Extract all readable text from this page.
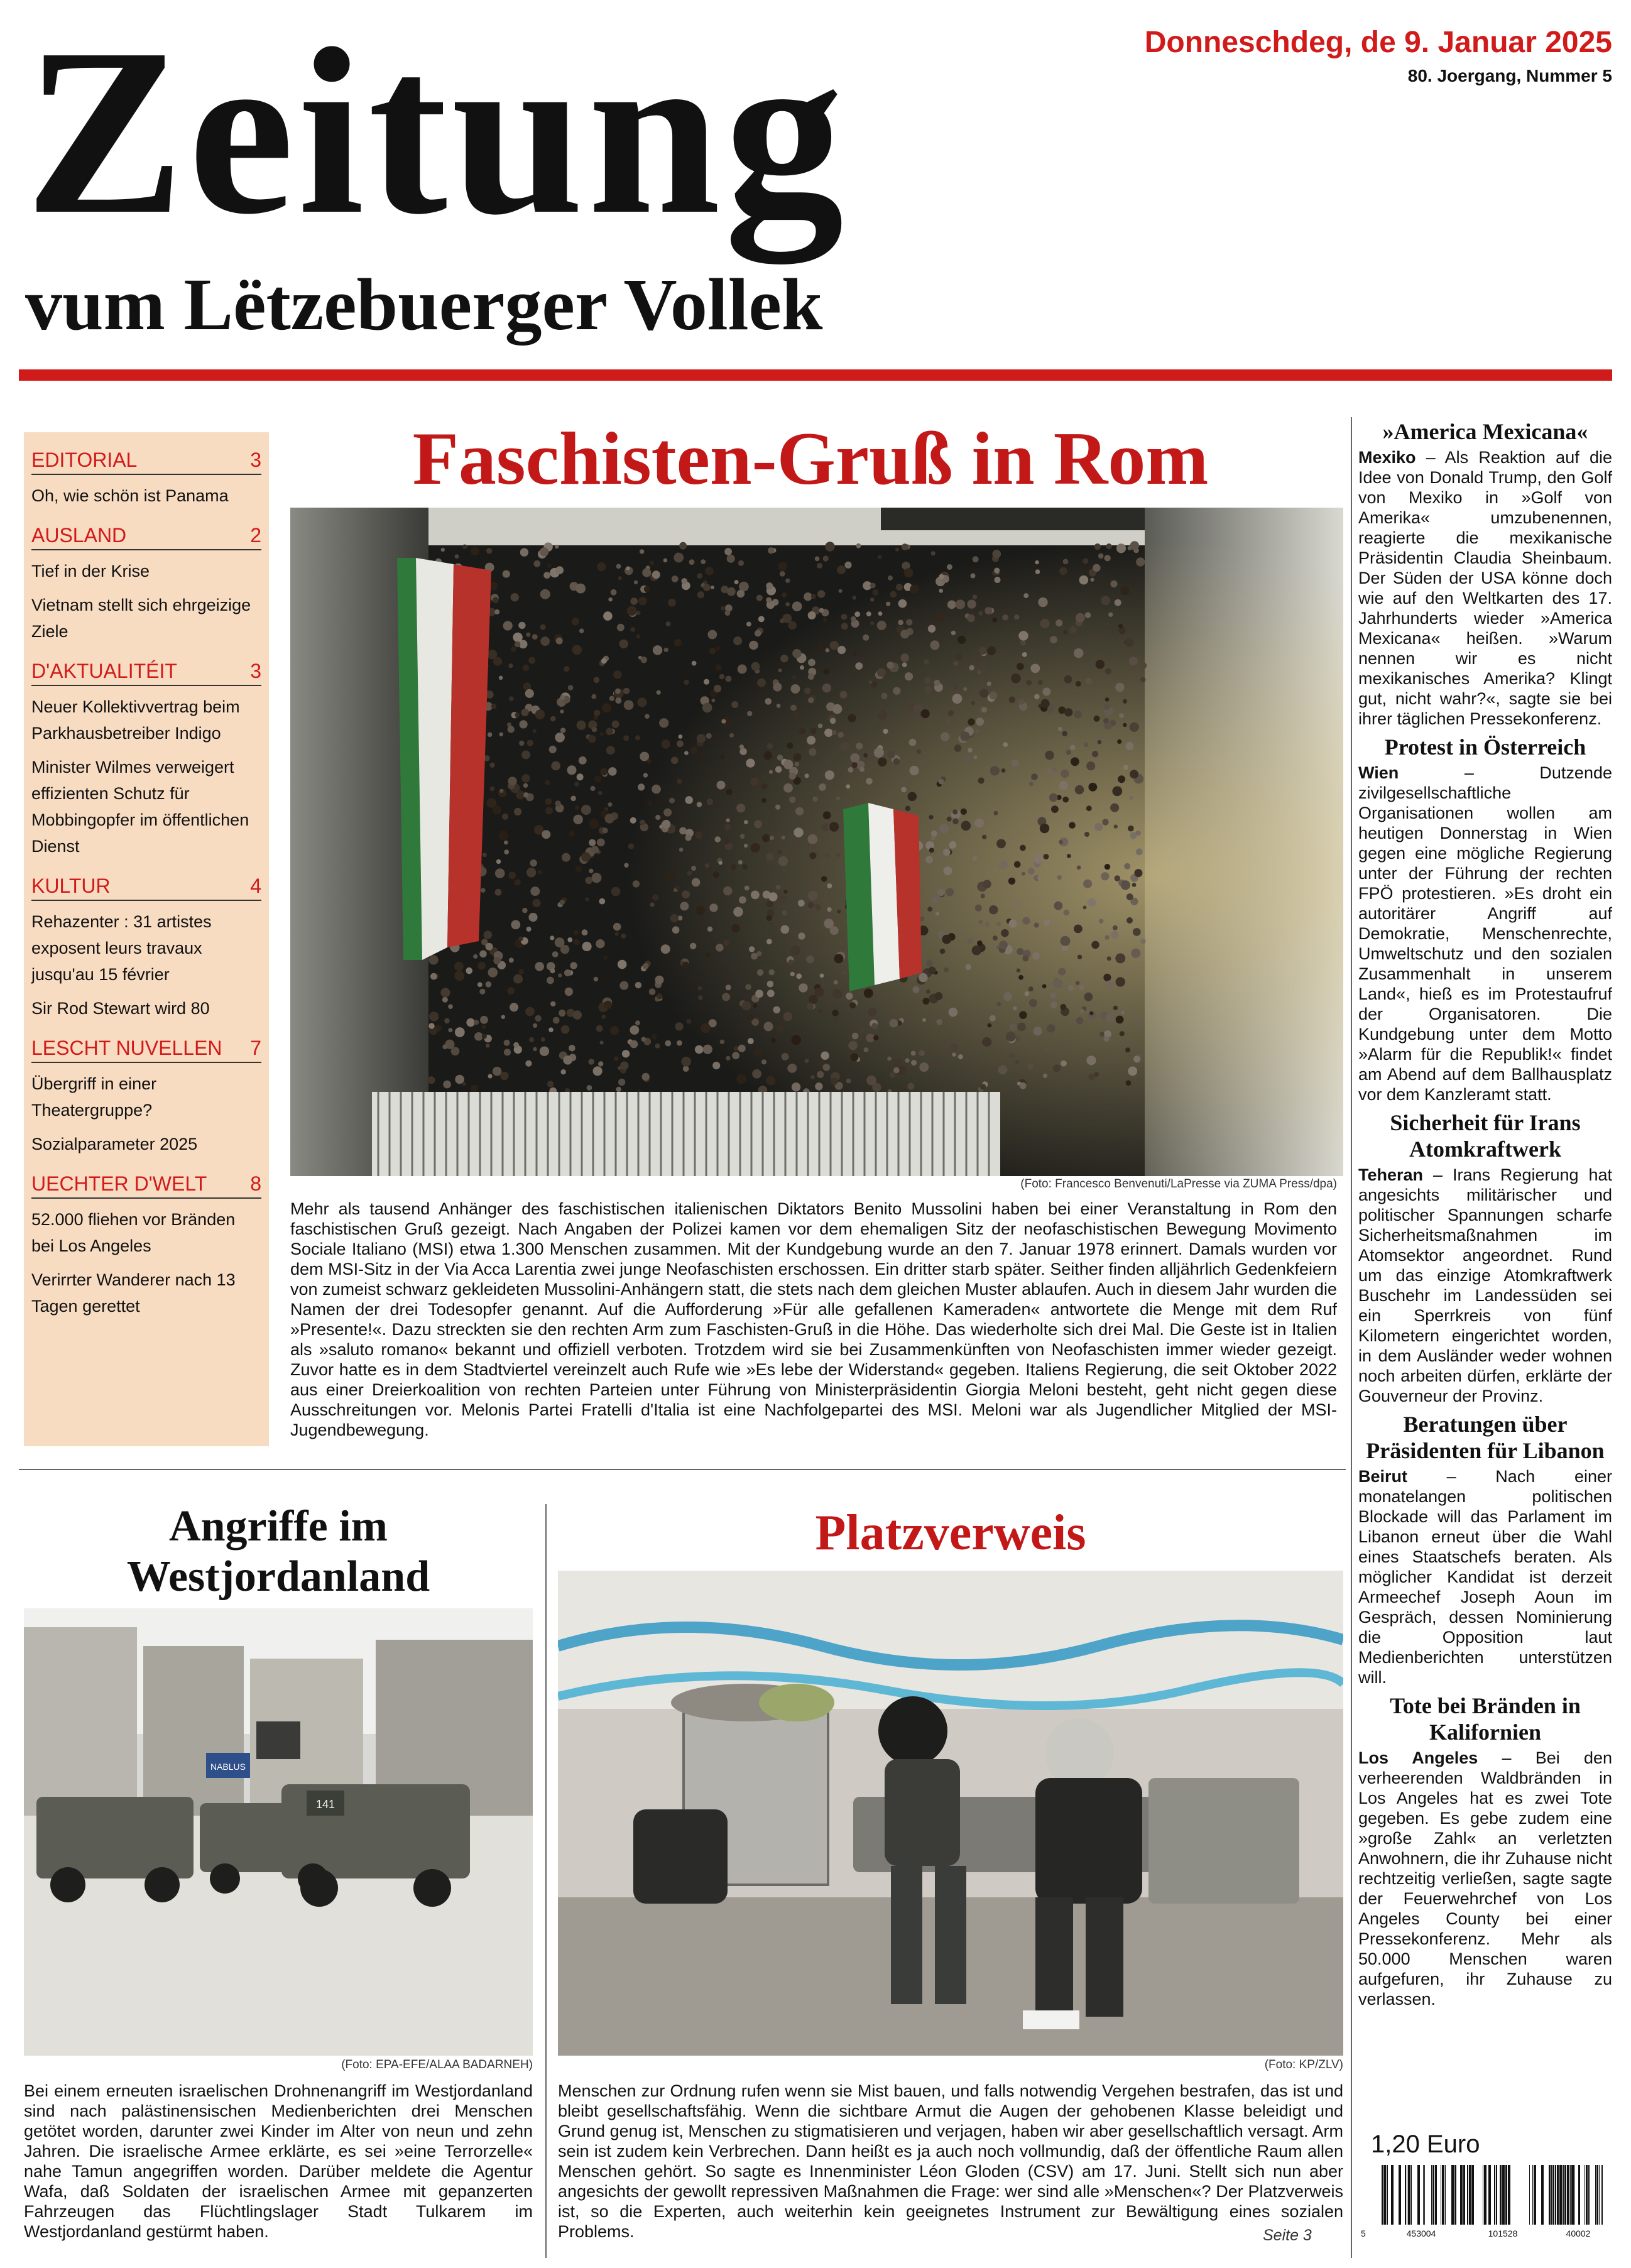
Zeitung
vum Lëtzebuerger Vollek
Donneschdeg, de 9. Januar 2025
80. Joergang, Nummer 5
EDITORIAL	3
Oh, wie schön ist Panama
AUSLAND	2
Tief in der Krise
Vietnam stellt sich ehrgeizige Ziele
D'AKTUALITÉIT	3
Neuer Kollektivvertrag beim Parkhausbetreiber Indigo
Minister Wilmes verweigert effizienten Schutz für Mobbingopfer im öffentlichen Dienst
KULTUR	4
Rehazenter : 31 artistes exposent leurs travaux jusqu'au 15 février
Sir Rod Stewart wird 80
LESCHT NUVELLEN 7
Übergriff in einer Theatergruppe?
Sozialparameter 2025
UECHTER D'WELT 8
52.000 fliehen vor Bränden bei Los Angeles
Verirrter Wanderer nach 13 Tagen gerettet
Faschisten-Gruß in Rom
(Foto: Francesco Benvenuti/LaPresse via ZUMA Press/dpa)
Mehr als tausend Anhänger des faschistischen italienischen Diktators Benito Mussolini haben bei einer Veranstaltung in Rom den faschistischen Gruß gezeigt. Nach Angaben der Polizei kamen vor dem ehemaligen Sitz der neofaschistischen Bewegung Movimento Sociale Italiano (MSI) etwa 1.300 Menschen zusammen. Mit der Kundgebung wurde an den 7. Januar 1978 erinnert. Damals wurden vor dem MSI-Sitz in der Via Acca Larentia zwei junge Neofaschisten erschossen. Ein dritter starb später. Seither finden alljährlich Gedenkfeiern von zumeist schwarz gekleideten Mussolini-Anhängern statt, die stets nach dem gleichen Muster ablaufen. Auch in diesem Jahr wurden die Namen der drei Todesopfer genannt. Auf die Aufforderung »Für alle gefallenen Kameraden« antwortete die Menge mit dem Ruf »Presente!«. Dazu streckten sie den rechten Arm zum Faschisten-Gruß in die Höhe. Das wiederholte sich drei Mal. Die Geste ist in Italien als »saluto romano« bekannt und offiziell verboten. Trotzdem wird sie bei Zusammenkünften von Neofaschisten immer wieder gezeigt. Zuvor hatte es in dem Stadtviertel vereinzelt auch Rufe wie »Es lebe der Widerstand« gegeben. Italiens Regierung, die seit Oktober 2022 aus einer Dreierkoalition von rechten Parteien unter Führung von Ministerpräsidentin Giorgia Meloni besteht, geht nicht gegen diese Ausschreitungen vor. Melonis Partei Fratelli d'Italia ist eine Nachfolgepartei des MSI. Meloni war als Jugendlicher Mitglied der MSI-Jugendbewegung.
Angriffe im Westjordanland
NABLUS
141
(Foto: EPA-EFE/ALAA BADARNEH)
Bei einem erneuten israelischen Drohnenangriff im Westjordanland sind nach palästinensischen Medienberichten drei Menschen getötet worden, darunter zwei Kinder im Alter von neun und zehn Jahren. Die israelische Armee erklärte, es sei »eine Terrorzelle« nahe Tamun angegriffen worden. Darüber meldete die Agentur Wafa, daß Soldaten der israelischen Armee mit gepanzerten Fahrzeugen das Flüchtlingslager Stadt Tulkarem im Westjordanland gestürmt haben.
Platzverweis
(Foto: KP/ZLV)
Menschen zur Ordnung rufen wenn sie Mist bauen, und falls notwendig Vergehen bestrafen, das ist und bleibt gesellschaftsfähig. Wenn die sichtbare Armut die Augen der gehobenen Klasse beleidigt und Grund genug ist, Menschen zu stigmatisieren und verjagen, haben wir aber gesellschaftlich versagt. Arm sein ist zudem kein Verbrechen. Dann heißt es ja auch noch vollmundig, daß der öffentliche Raum allen Menschen gehört. So sagte es Innenminister Léon Gloden (CSV) am 17. Juni. Stellt sich nun aber angesichts der gewollt repressiven Maßnahmen die Frage: wer sind alle »Menschen«? Der Platzverweis ist, so die Experten, auch weiterhin kein geeignetes Instrument zur Bewältigung eines sozialen Problems.	Seite 3
»America Mexicana«
Mexiko – Als Reaktion auf die Idee von Donald Trump, den Golf von Mexiko in »Golf von Amerika« umzubenennen, reagierte die mexikanische Präsidentin Claudia Sheinbaum. Der Süden der USA könne doch wie auf den Weltkarten des 17. Jahrhunderts wieder »America Mexicana« heißen. »Warum nennen wir es nicht mexikanisches Amerika? Klingt gut, nicht wahr?«, sagte sie bei ihrer täglichen Pressekonferenz.
Protest in Österreich
Wien – Dutzende zivilgesellschaftliche Organisationen wollen am heutigen Donnerstag in Wien gegen eine mögliche Regierung unter der Führung der rechten FPÖ protestieren. »Es droht ein autoritärer Angriff auf Demokratie, Menschenrechte, Umweltschutz und den sozialen Zusammenhalt in unserem Land«, hieß es im Protestaufruf der Organisatoren. Die Kundgebung unter dem Motto »Alarm für die Republik!« findet am Abend auf dem Ballhausplatz vor dem Kanzleramt statt.
Sicherheit für Irans Atomkraftwerk
Teheran – Irans Regierung hat angesichts militärischer und politischer Spannungen scharfe Sicherheitsmaßnahmen im Atomsektor angeordnet. Rund um das einzige Atomkraftwerk Buschehr im Landessüden sei ein Sperrkreis von fünf Kilometern eingerichtet worden, in dem Ausländer weder wohnen noch arbeiten dürfen, erklärte der Gouverneur der Provinz.
Beratungen über Präsidenten für Libanon
Beirut – Nach einer monatelangen politischen Blockade will das Parlament im Libanon erneut über die Wahl eines Staatschefs beraten. Als möglicher Kandidat ist derzeit Armeechef Joseph Aoun im Gespräch, dessen Nominierung die Opposition laut Medienberichten unterstützen will.
Tote bei Bränden in Kalifornien
Los Angeles – Bei den verheerenden Waldbränden in Los Angeles hat es zwei Tote gegeben. Es gebe zudem eine »große Zahl« an verletzten Anwohnern, die ihr Zuhause nicht rechtzeitig verließen, sagte sagte der Feuerwehrchef von Los Angeles County bei einer Pressekonferenz. Mehr als 50.000 Menschen waren aufgefuren, ihr Zuhause zu verlassen.
1,20 Euro
5	453004	101528	40002
